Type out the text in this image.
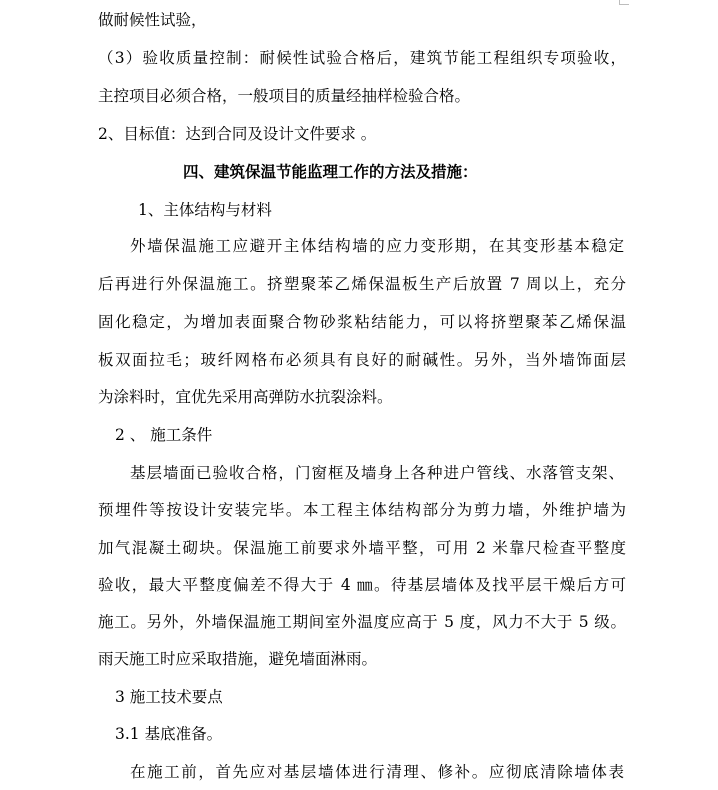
做耐候性试验，
（3）验收质量控制：耐候性试验合格后，建筑节能工程组织专项验收，
主控项目必须合格，一般项目的质量经抽样检验合格。
2、目标值：达到合同及设计文件要求 。
四、建筑保温节能监理工作的方法及措施：
1、主体结构与材料
外墙保温施工应避开主体结构墙的应力变形期，在其变形基本稳定
后再进行外保温施工。挤塑聚苯乙烯保温板生产后放置 7 周以上，充分
固化稳定，为增加表面聚合物砂浆粘结能力，可以将挤塑聚苯乙烯保温
板双面拉毛；玻纤网格布必须具有良好的耐碱性。另外，当外墙饰面层
为涂料时，宜优先采用高弹防水抗裂涂料。
2 、 施工条件
基层墙面已验收合格，门窗框及墙身上各种进户管线、水落管支架、
预埋件等按设计安装完毕。本工程主体结构部分为剪力墙，外维护墙为
加气混凝土砌块。保温施工前要求外墙平整，可用 2 米靠尺检查平整度
验收，最大平整度偏差不得大于 4 ㎜。待基层墙体及找平层干燥后方可
施工。另外，外墙保温施工期间室外温度应高于 5 度，风力不大于 5 级。
雨天施工时应采取措施，避免墙面淋雨。
3 施工技术要点
3.1 基底准备。
在施工前，首先应对基层墙体进行清理、修补。应彻底清除墙体表
